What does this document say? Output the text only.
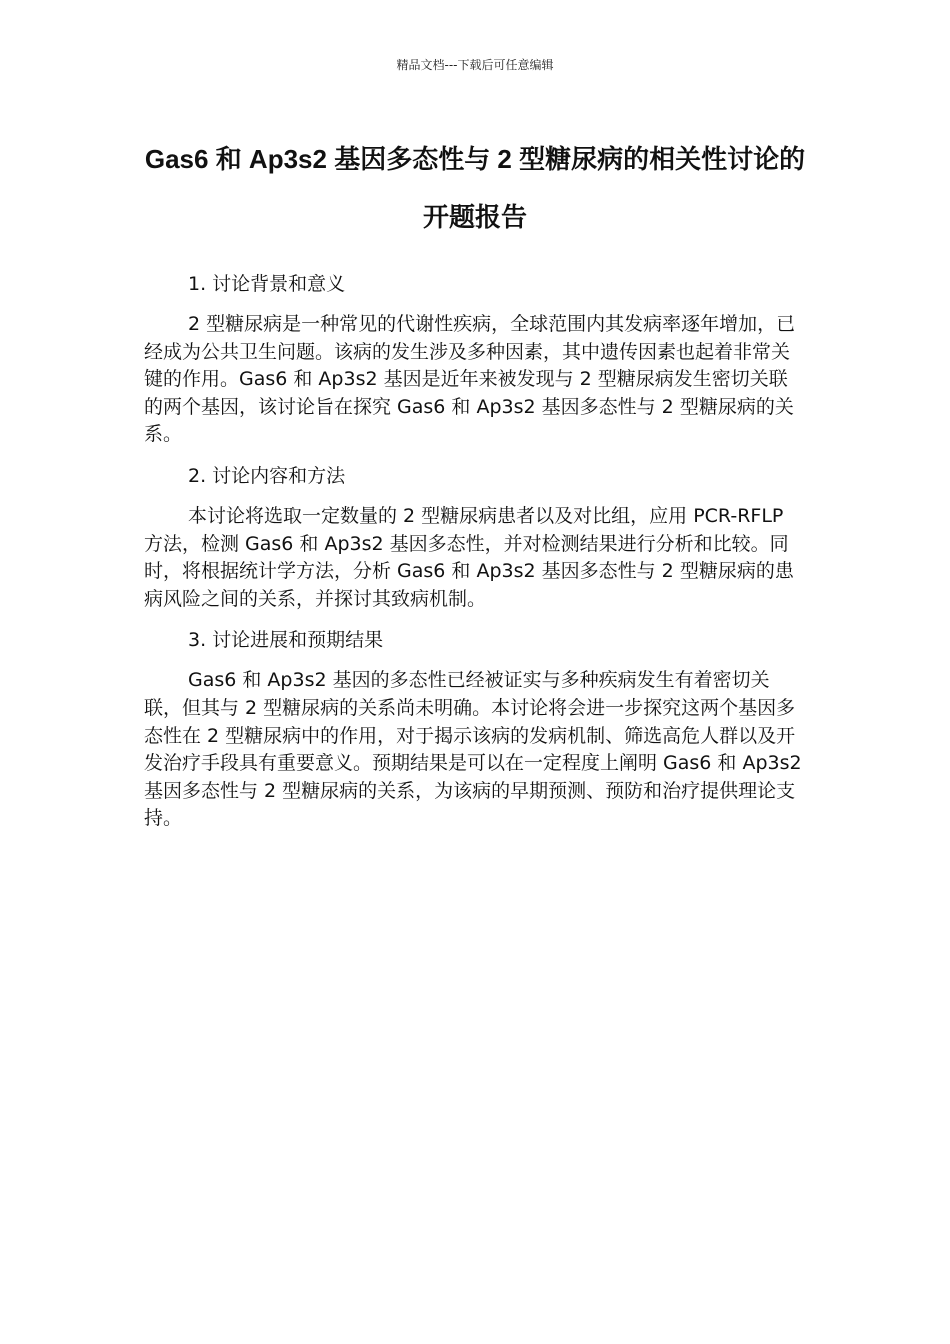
精品文档---下载后可任意编辑
Gas6 和 Ap3s2 基因多态性与 2 型糖尿病的相关性讨论的开题报告
1. 讨论背景和意义

2 型糖尿病是一种常见的代谢性疾病，全球范围内其发病率逐年增加，已经成为公共卫生问题。该病的发生涉及多种因素，其中遗传因素也起着非常关键的作用。Gas6 和 Ap3s2 基因是近年来被发现与 2 型糖尿病发生密切关联的两个基因，该讨论旨在探究 Gas6 和 Ap3s2 基因多态性与 2 型糖尿病的关系。

2. 讨论内容和方法

本讨论将选取一定数量的 2 型糖尿病患者以及对比组，应用 PCR-RFLP 方法，检测 Gas6 和 Ap3s2 基因多态性，并对检测结果进行分析和比较。同时，将根据统计学方法，分析 Gas6 和 Ap3s2 基因多态性与 2 型糖尿病的患病风险之间的关系，并探讨其致病机制。

3. 讨论进展和预期结果

Gas6 和 Ap3s2 基因的多态性已经被证实与多种疾病发生有着密切关联，但其与 2 型糖尿病的关系尚未明确。本讨论将会进一步探究这两个基因多态性在 2 型糖尿病中的作用，对于揭示该病的发病机制、筛选高危人群以及开发治疗手段具有重要意义。预期结果是可以在一定程度上阐明 Gas6 和 Ap3s2 基因多态性与 2 型糖尿病的关系，为该病的早期预测、预防和治疗提供理论支持。
